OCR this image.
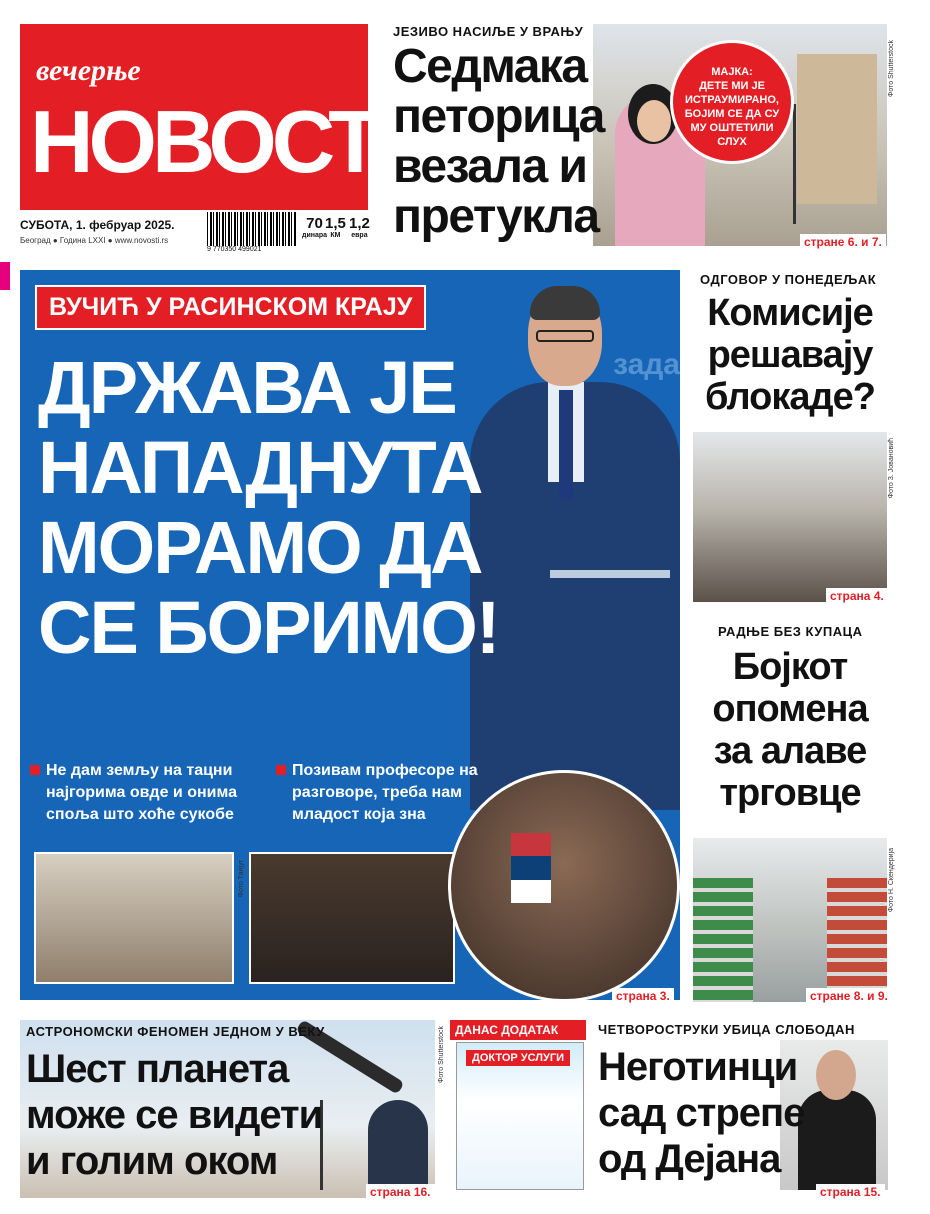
вечерње
НОВОСТИ
СУБОТА, 1. фебруар 2025.
Београд ● Година LXXI ● www.novosti.rs
9 770350 499021
70
динара
1,5
КМ
1,2
евра
ЈЕЗИВО НАСИЉЕ У ВРАЊУ
Седмака
петорица
везала и
претукла
МАЈКА:
ДЕТЕ МИ ЈЕ
ИСТРАУМИРАНО,
БОЈИМ СЕ ДА СУ
МУ ОШТЕТИЛИ
СЛУХ
Фото Shutterstock
стране 6. и 7.
зада
ВУЧИЋ У РАСИНСКОМ КРАЈУ
ДРЖАВА ЈЕ
НАПАДНУТА
МОРАМО ДА
СЕ БОРИМО!
Не дам земљу на тацни
најгорима овде и онима
споља што хоће сукобе
Позивам професоре на
разговоре, треба нам
младост која зна
Фото Танјуг
страна 3.
ОДГОВОР У ПОНЕДЕЉАК
Комисије
решавају
блокаде?
Фото З. Јовановић
страна 4.
РАДЊЕ БЕЗ КУПАЦА
Бојкот
опомена
за алаве
трговце
Фото Н. Скендерија
стране 8. и 9.
АСТРОНОМСКИ ФЕНОМЕН ЈЕДНОМ У ВЕКУ
Шест планета
може се видети
и голим оком
Фото Shutterstock
страна 16.
ДАНАС ДОДАТАК
ДОКТОР УСЛУГИ
ЧЕТВОРОСТРУКИ УБИЦА СЛОБОДАН
Неготинци
сад стрепе
од Дејана
страна 15.
